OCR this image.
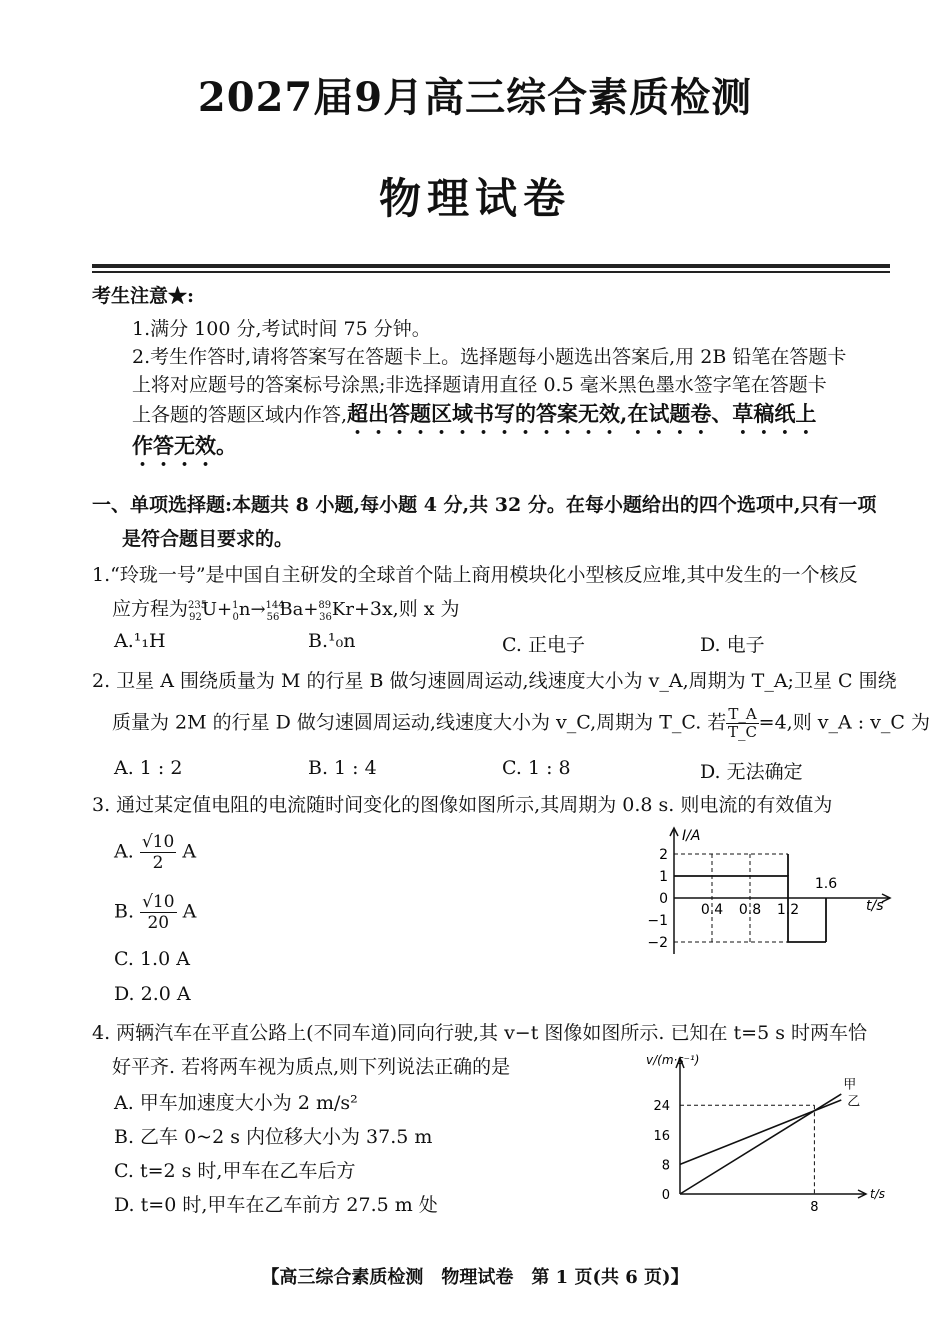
2027届9月高三综合素质检测
物理试卷
考生注意★:
1.满分 100 分,考试时间 75 分钟。
2.考生作答时,请将答案写在答题卡上。选择题每小题选出答案后,用 2B 铅笔在答题卡
上将对应题号的答案标号涂黑;非选择题请用直径 0.5 毫米黑色墨水签字笔在答题卡
上各题的答题区域内作答,超出答题区域书写的答案无效,在试题卷、草稿纸上
作答无效。
一、单项选择题:本题共 8 小题,每小题 4 分,共 32 分。在每小题给出的四个选项中,只有一项
是符合题目要求的。
1.“玲珑一号”是中国自主研发的全球首个陆上商用模块化小型核反应堆,其中发生的一个核反
应方程为$^{235}_{92}$U+$^1_0$n→$^{144}_{56}$Ba+$^{89}_{36}$Kr+3x,则 x 为
A.¹₁H	B.¹₀n	C. 正电子	D. 电子
2. 卫星 A 围绕质量为 M 的行星 B 做匀速圆周运动,线速度大小为 v_A,周期为 T_A;卫星 C 围绕
质量为 2M 的行星 D 做匀速圆周运动,线速度大小为 v_C,周期为 T_C. 若 $\frac{T\_A}{T\_C} =4$,则 v_A : v_C 为
A. 1 : 2	B. 1 : 4	C. 1 : 8	D. 无法确定
3. 通过某定值电阻的电流随时间变化的图像如图所示,其周期为 0.8 s. 则电流的有效值为
A. $\frac{√10}{2}$ A
B. $\frac{√10}{20}$ A
C. 1.0 A
D. 2.0 A
I/A
t/s
2
1
0
−1
−2
0.4 0.8 1.2
1.6
4. 两辆汽车在平直公路上(不同车道)同向行驶,其 v−t 图像如图所示. 已知在 t=5 s 时两车恰
好平齐. 若将两车视为质点,则下列说法正确的是
A. 甲车加速度大小为 2 m/s²
B. 乙车 0~2 s 内位移大小为 37.5 m
C. t=2 s 时,甲车在乙车后方
D. t=0 时,甲车在乙车前方 27.5 m 处
v/(m·s⁻¹)
t/s
24
16
8
0
8
甲
乙
【高三综合素质检测　物理试卷　第 1 页(共 6 页)】
